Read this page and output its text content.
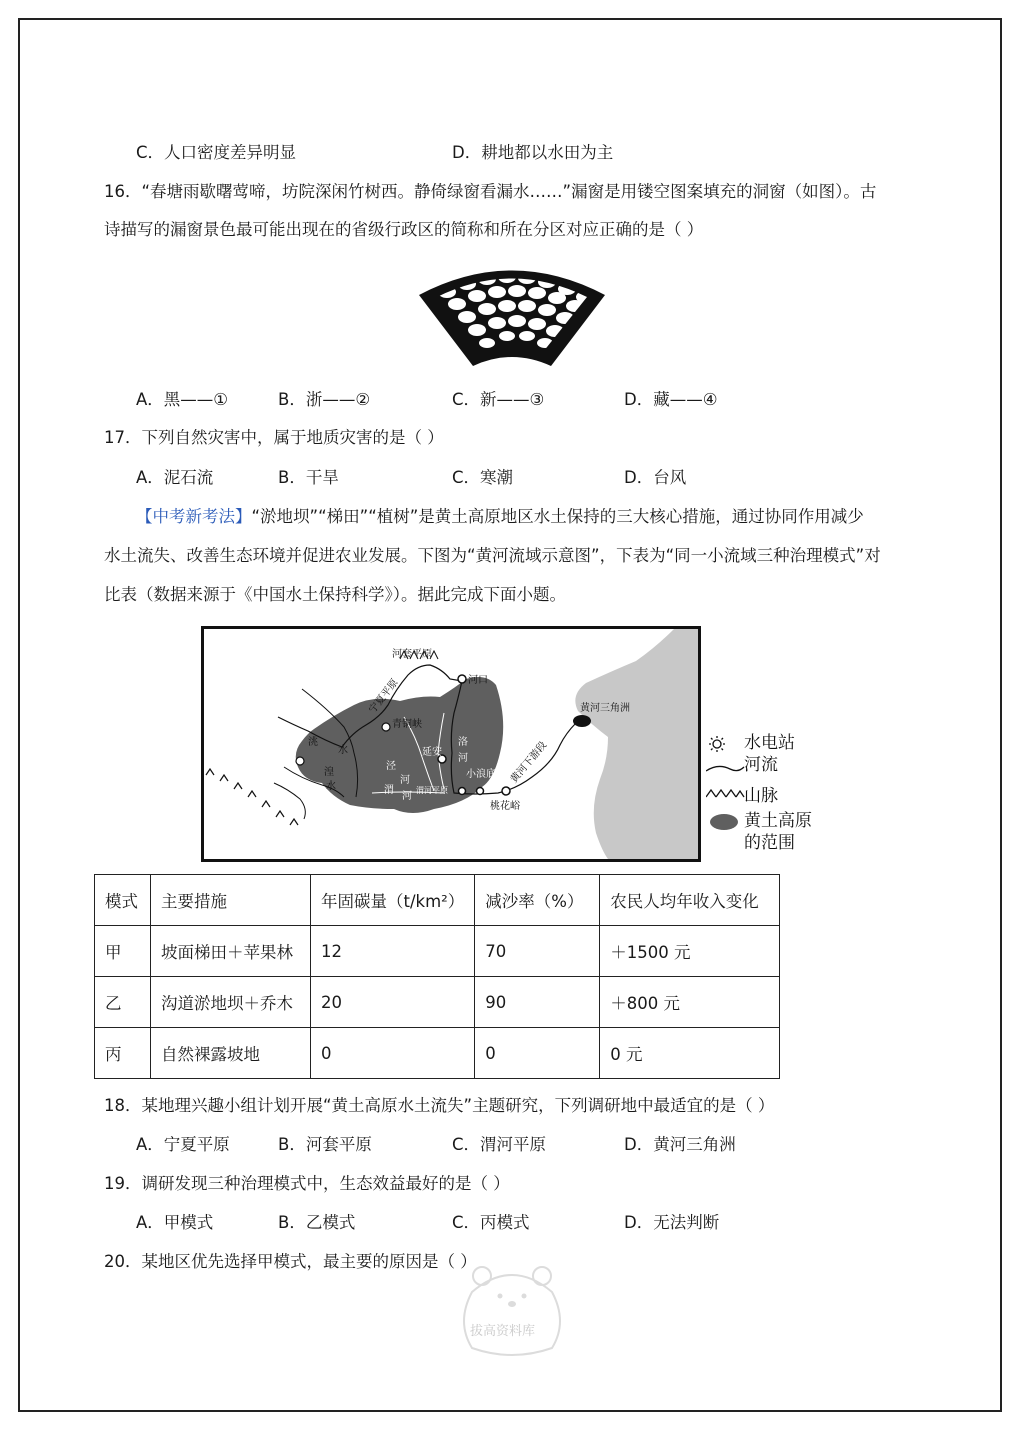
C．人口密度差异明显	D．耕地都以水田为主
16．“春塘雨歇曙莺啼，坊院深闲竹树西。静倚绿窗看漏水……”漏窗是用镂空图案填充的洞窗（如图）。古
诗描写的漏窗景色最可能出现在的省级行政区的简称和所在分区对应正确的是（ ）
A．黑——①	B．浙——②	C．新——③	D．藏——④
17．下列自然灾害中，属于地质灾害的是（ ）
A．泥石流	B．干旱	C．寒潮	D．台风
【中考新考法】“淤地坝”“梯田”“植树”是黄土高原地区水土保持的三大核心措施，通过协同作用减少
水土流失、改善生态环境并促进农业发展。下图为“黄河流域示意图”，下表为“同一小流域三种治理模式”对
比表（数据来源于《中国水土保持科学》）。据此完成下面小题。
河套平原
河口
宁夏平原
青铜峡
延安
洛
河
洮
水
泾
河
渭
河
渭河平原
小浪底
桃花峪
黄河下游段
黄河三角洲
湟
水
水电站
河流
山脉
黄土高原
的范围
模式	主要措施	年固碳量（t/km²）	减沙率（%）	农民人均年收入变化
甲	坡面梯田＋苹果林	12	70	＋1500 元
乙	沟道淤地坝＋乔木	20	90	＋800 元
丙	自然裸露坡地	0	0	0 元
18．某地理兴趣小组计划开展“黄土高原水土流失”主题研究，下列调研地中最适宜的是（ ）
A．宁夏平原	B．河套平原	C．渭河平原	D．黄河三角洲
19．调研发现三种治理模式中，生态效益最好的是（ ）
A．甲模式	B．乙模式	C．丙模式	D．无法判断
20．某地区优先选择甲模式，最主要的原因是（ ）
拔高资料库
